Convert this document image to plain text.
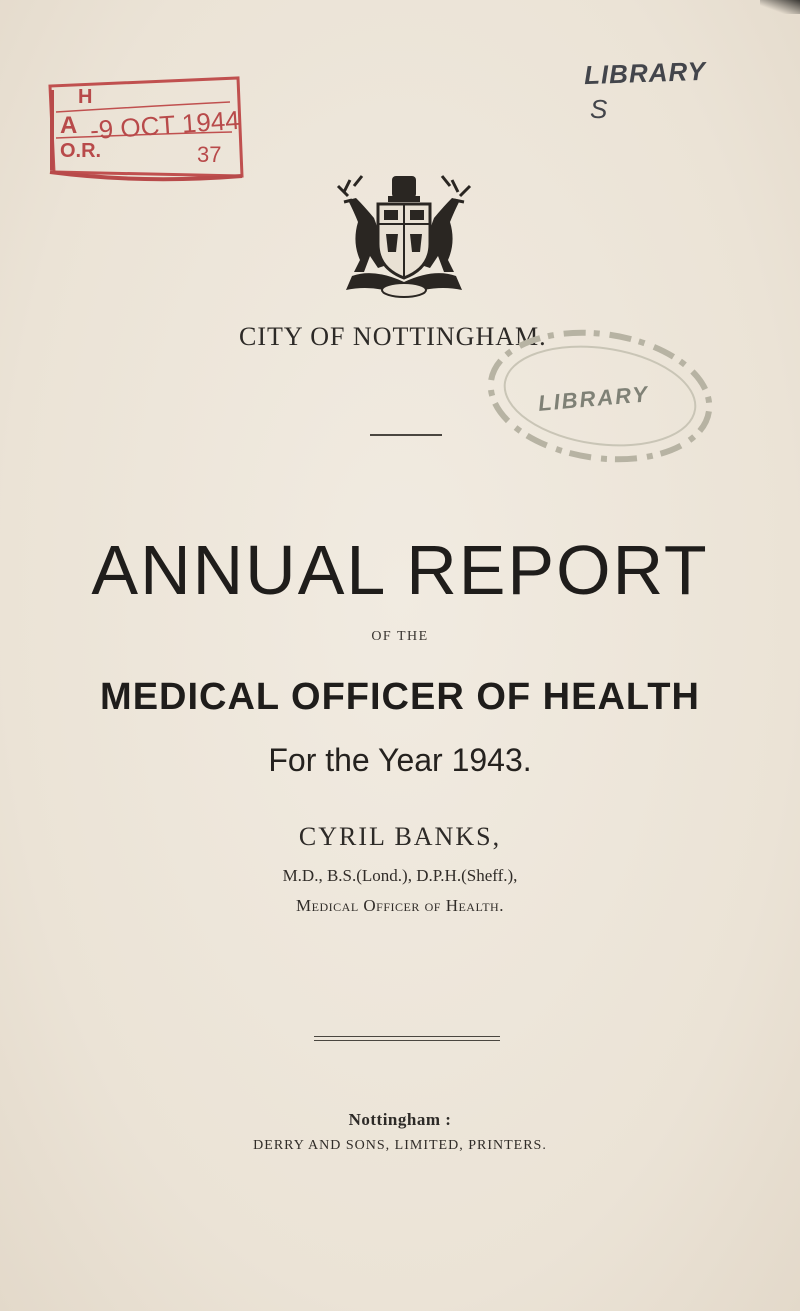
H
A -9 OCT 1944
O.R.	37
LIBRARY
S
CITY OF NOTTINGHAM.
LIBRARY
ANNUAL REPORT
OF THE
MEDICAL OFFICER OF HEALTH
For the Year 1943.
CYRIL BANKS,
M.D., B.S.(Lond.), D.P.H.(Sheff.),
Medical Officer of Health.
Nottingham :
DERRY AND SONS, LIMITED, PRINTERS.
